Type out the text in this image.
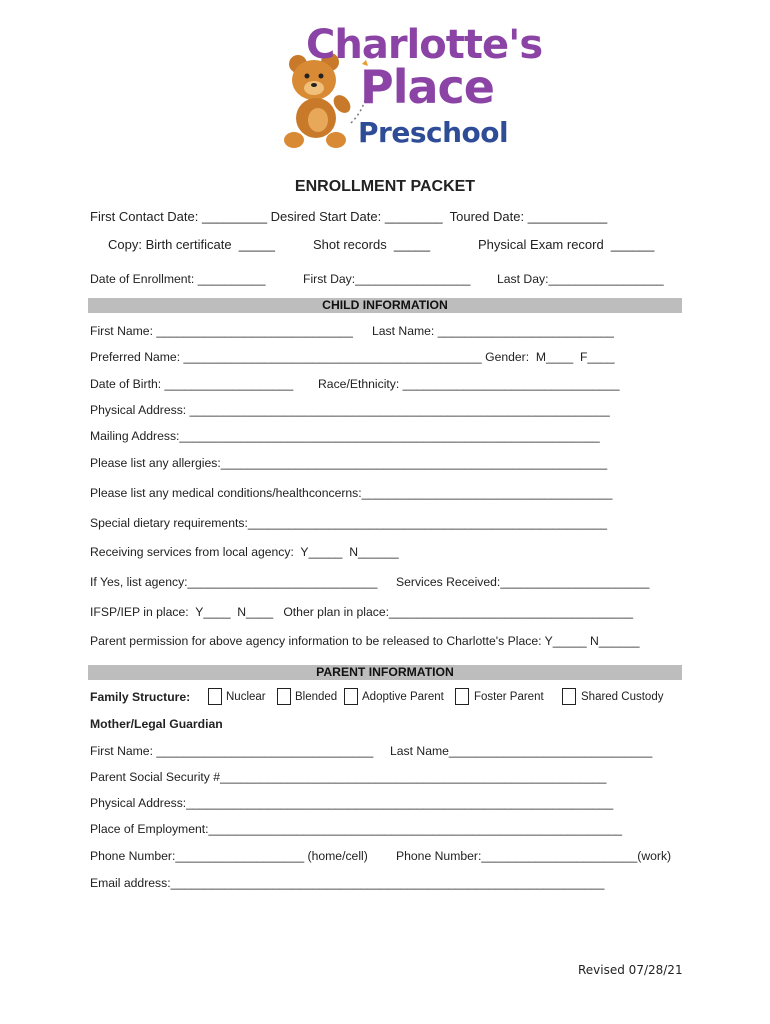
Charlotte's
Place
Preschool
ENROLLMENT PACKET
First Contact Date: _________ Desired Start Date: ________  Toured Date: ___________
Copy: Birth certificate  _____	Shot records  _____	Physical Exam record  ______
Date of Enrollment: __________	First Day:_________________ Last Day:_________________
CHILD INFORMATION
First Name: _____________________________ Last Name: __________________________
Preferred Name: ____________________________________________ Gender:  M____  F____
Date of Birth: ___________________ Race/Ethnicity: ________________________________
Physical Address: ______________________________________________________________
Mailing Address:______________________________________________________________
Please list any allergies:_________________________________________________________
Please list any medical conditions/healthconcerns:_____________________________________
Special dietary requirements:_____________________________________________________
Receiving services from local agency:  Y_____  N______
If Yes, list agency:____________________________ Services Received:______________________
IFSP/IEP in place:  Y____  N____   Other plan in place:____________________________________
Parent permission for above agency information to be released to Charlotte's Place: Y_____ N______
PARENT INFORMATION
Family Structure:	Nuclear	Blended Adoptive Parent	Foster Parent	Shared Custody
Mother/Legal Guardian
First Name: ________________________________ Last Name______________________________
Parent Social Security #_________________________________________________________
Physical Address:_______________________________________________________________
Place of Employment:_____________________________________________________________
Phone Number:___________________ (home/cell) Phone Number:_______________________(work)
Email address:________________________________________________________________
Revised 07/28/21
